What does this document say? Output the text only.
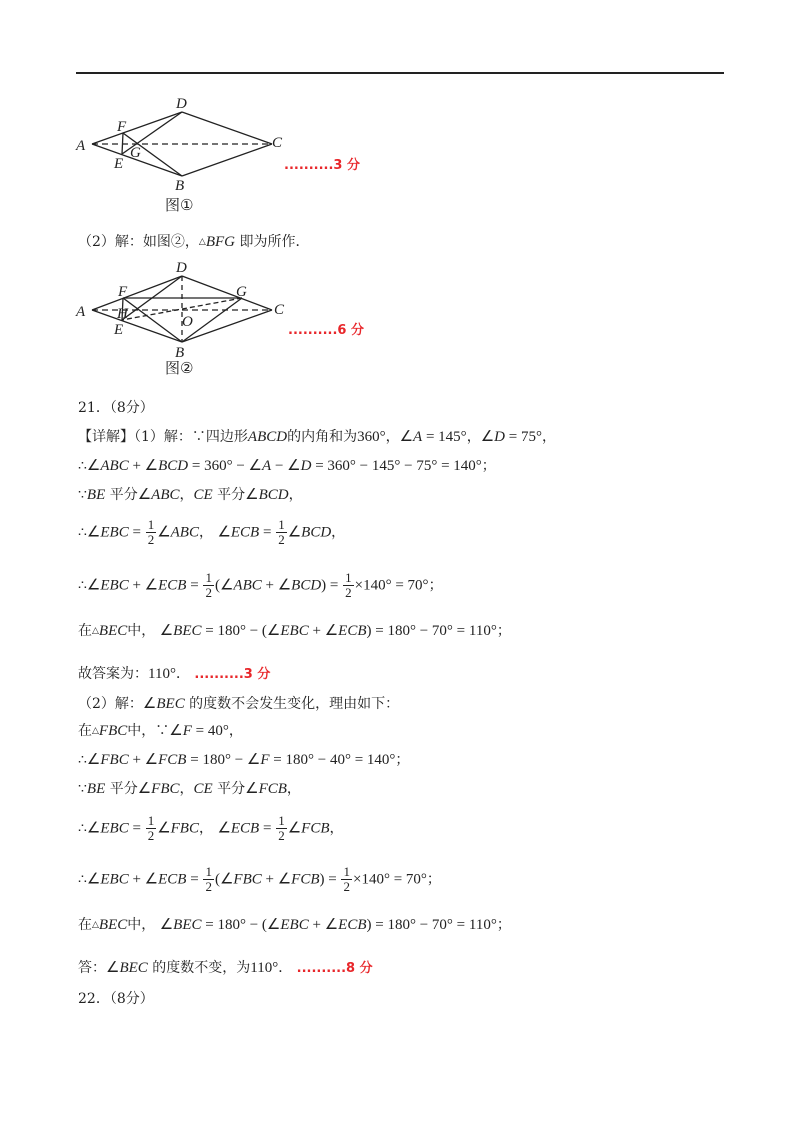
A
D
C
B
F
E
G
..........3 分
图①
（2）解：如图②，△BFG 即为所作．
A
D
C
B
F
E
G
H	O
..........6 分
图②
21．（8分）
【详解】（1）解：∵四边形ABCD的内角和为360°，∠A = 145°，∠D = 75°，
∴∠ABC + ∠BCD = 360° − ∠A − ∠D = 360° − 145° − 75° = 140°；
∵BE 平分∠ABC，CE 平分∠BCD，
∴∠EBC = $\frac{1}{2}$ ∠ABC， ∠ECB = $\frac{1}{2}$ ∠BCD，
∴∠EBC + ∠ECB = $\frac{1}{2}$ (∠ABC + ∠BCD) = $\frac{1}{2} \times 140^\circ = 70^\circ$；
在△BEC中， ∠BEC = 180° − (∠EBC + ∠ECB) = 180° − 70° = 110°；
故答案为：110°． ..........3 分
（2）解：∠BEC 的度数不会发生变化，理由如下：
在△FBC中，∵∠F = 40°，
∴∠FBC + ∠FCB = 180° − ∠F = 180° − 40° = 140°；
∵BE 平分∠FBC，CE 平分∠FCB，
∴∠EBC = $\frac{1}{2}$ ∠FBC， ∠ECB = $\frac{1}{2}$ ∠FCB，
∴∠EBC + ∠ECB = $\frac{1}{2}$ (∠FBC + ∠FCB) = $\frac{1}{2} \times 140^\circ = 70^\circ$；
在△BEC中， ∠BEC = 180° − (∠EBC + ∠ECB) = 180° − 70° = 110°；
答：∠BEC 的度数不变，为110°． ..........8 分
22．（8分）
